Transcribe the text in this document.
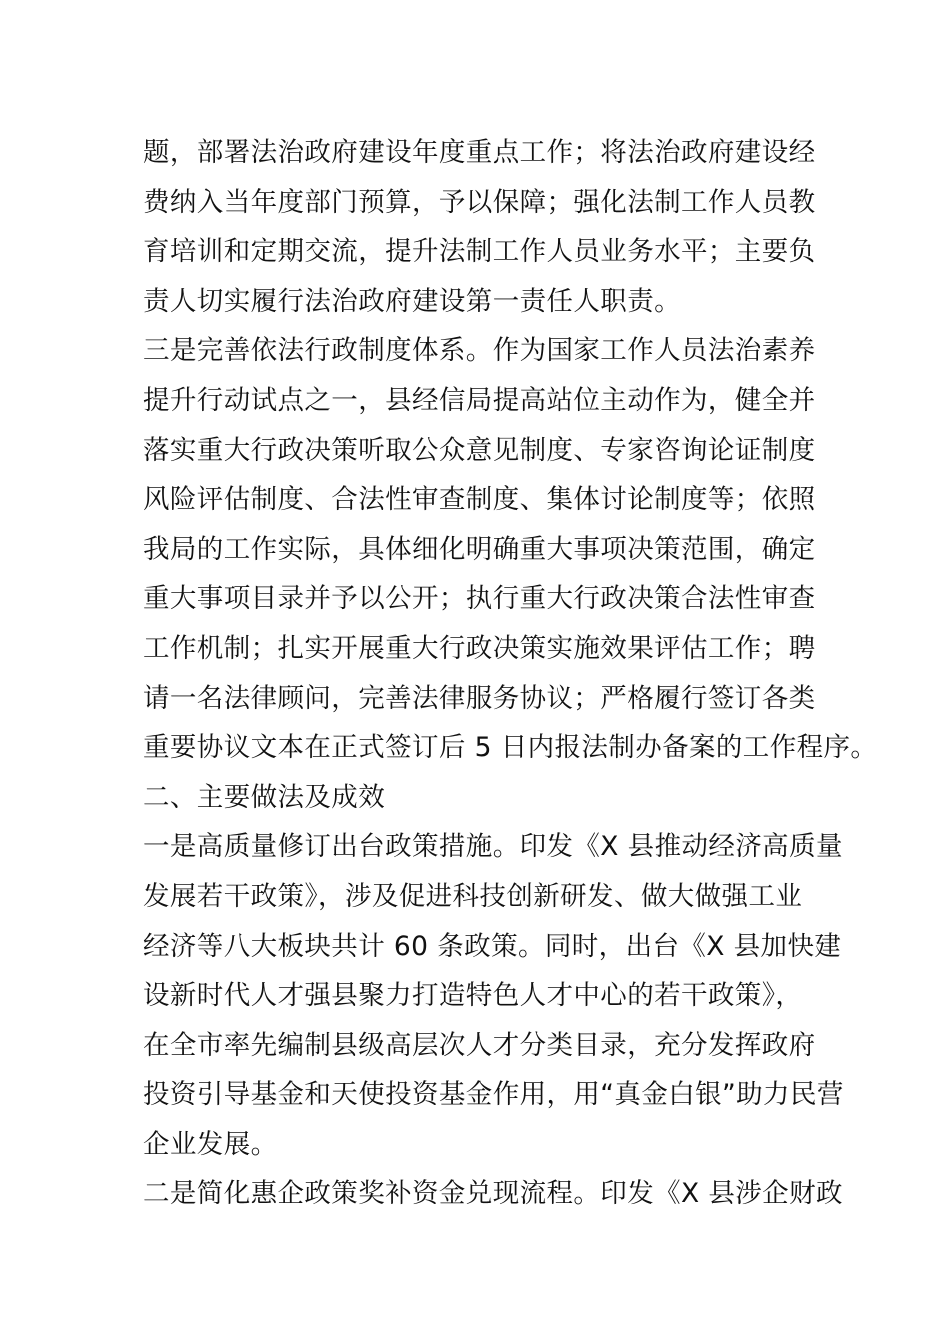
题，部署法治政府建设年度重点工作；将法治政府建设经
费纳入当年度部门预算，予以保障；强化法制工作人员教
育培训和定期交流，提升法制工作人员业务水平；主要负
责人切实履行法治政府建设第一责任人职责。
三是完善依法行政制度体系。作为国家工作人员法治素养
提升行动试点之一，县经信局提高站位主动作为，健全并
落实重大行政决策听取公众意见制度、专家咨询论证制度
风险评估制度、合法性审查制度、集体讨论制度等；依照
我局的工作实际，具体细化明确重大事项决策范围，确定
重大事项目录并予以公开；执行重大行政决策合法性审查
工作机制；扎实开展重大行政决策实施效果评估工作；聘
请一名法律顾问，完善法律服务协议；严格履行签订各类
重要协议文本在正式签订后 5 日内报法制办备案的工作程序。
二、主要做法及成效
一是高质量修订出台政策措施。印发《X 县推动经济高质量
发展若干政策》，涉及促进科技创新研发、做大做强工业
经济等八大板块共计 60 条政策。同时，出台《X 县加快建
设新时代人才强县聚力打造特色人才中心的若干政策》，
在全市率先编制县级高层次人才分类目录，充分发挥政府
投资引导基金和天使投资基金作用，用“真金白银”助力民营
企业发展。
二是简化惠企政策奖补资金兑现流程。印发《X 县涉企财政
